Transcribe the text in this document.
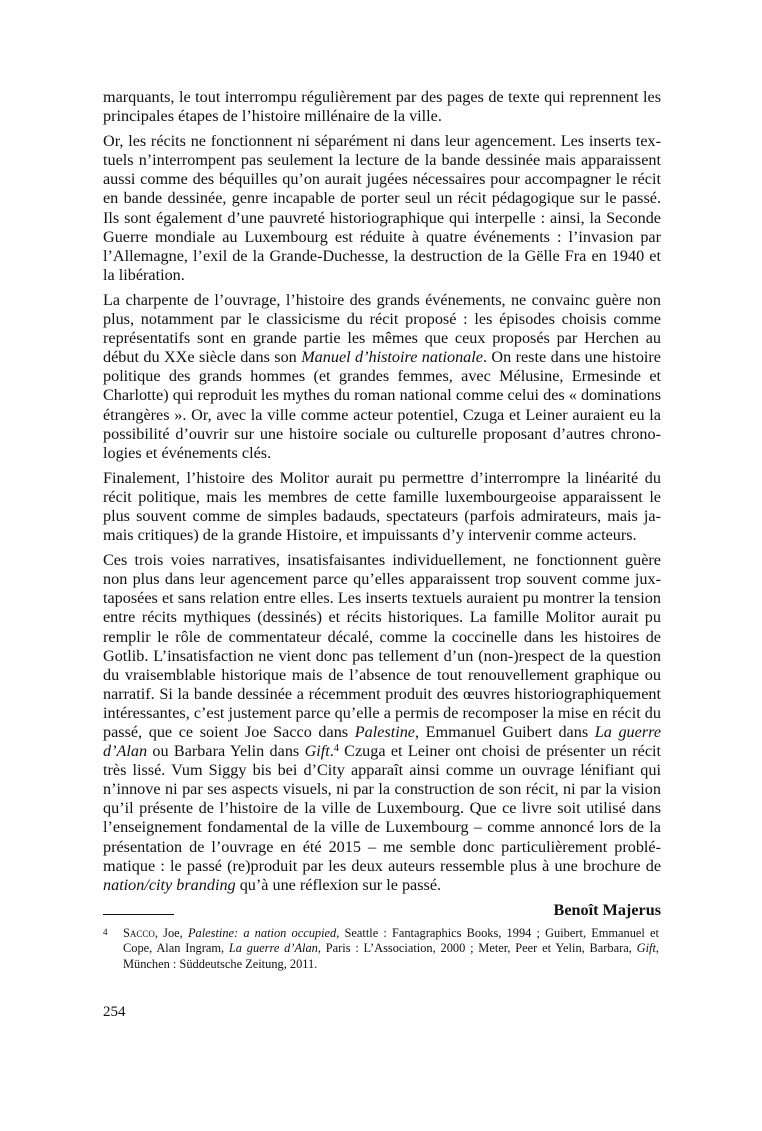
marquants, le tout interrompu régulièrement par des pages de texte qui reprennent les principales étapes de l’histoire millénaire de la ville.

Or, les récits ne fonctionnent ni séparément ni dans leur agencement. Les inserts textuels n’interrompent pas seulement la lecture de la bande dessinée mais apparaissent aussi comme des béquilles qu’on aurait jugées nécessaires pour accompagner le récit en bande dessinée, genre incapable de porter seul un récit pédagogique sur le passé. Ils sont également d’une pauvreté historiographique qui interpelle : ainsi, la Seconde Guerre mondiale au Luxembourg est réduite à quatre événements : l’invasion par l’Allemagne, l’exil de la Grande-Duchesse, la destruction de la Gëlle Fra en 1940 et la libération.

La charpente de l’ouvrage, l’histoire des grands événements, ne convainc guère non plus, notamment par le classicisme du récit proposé : les épisodes choisis comme représentatifs sont en grande partie les mêmes que ceux proposés par Herchen au début du XXe siècle dans son Manuel d’histoire nationale. On reste dans une histoire politique des grands hommes (et grandes femmes, avec Mélusine, Ermesinde et Charlotte) qui reproduit les mythes du roman national comme celui des « dominations étrangères ». Or, avec la ville comme acteur potentiel, Czuga et Leiner auraient eu la possibilité d’ouvrir sur une histoire sociale ou culturelle proposant d’autres chronologies et événements clés.

Finalement, l’histoire des Molitor aurait pu permettre d’interrompre la linéarité du récit politique, mais les membres de cette famille luxembourgeoise apparaissent le plus souvent comme de simples badauds, spectateurs (parfois admirateurs, mais jamais critiques) de la grande Histoire, et impuissants d’y intervenir comme acteurs.

Ces trois voies narratives, insatisfaisantes individuellement, ne fonctionnent guère non plus dans leur agencement parce qu’elles apparaissent trop souvent comme juxtaposées et sans relation entre elles. Les inserts textuels auraient pu montrer la tension entre récits mythiques (dessinés) et récits historiques. La famille Molitor aurait pu remplir le rôle de commentateur décalé, comme la coccinelle dans les histoires de Gotlib. L’insatisfaction ne vient donc pas tellement d’un (non-)respect de la question du vraisemblable historique mais de l’absence de tout renouvellement graphique ou narratif. Si la bande dessinée a récemment produit des œuvres historiographiquement intéressantes, c’est justement parce qu’elle a permis de recomposer la mise en récit du passé, que ce soient Joe Sacco dans Palestine, Emmanuel Guibert dans La guerre d’Alan ou Barbara Yelin dans Gift.$^4$ Czuga et Leiner ont choisi de présenter un récit très lissé. Vum Siggy bis bei d’City apparaît ainsi comme un ouvrage lénifiant qui n’innove ni par ses aspects visuels, ni par la construction de son récit, ni par la vision qu’il présente de l’histoire de la ville de Luxembourg. Que ce livre soit utilisé dans l’enseignement fondamental de la ville de Luxembourg – comme annoncé lors de la présentation de l’ouvrage en été 2015 – me semble donc particulièrement problématique : le passé (re)produit par les deux auteurs ressemble plus à une brochure de nation/city branding qu’à une réflexion sur le passé.

Benoît Majerus

4 Sacco, Joe, Palestine: a nation occupied, Seattle : Fantagraphics Books, 1994 ; Guibert, Emmanuel et Cope, Alan Ingram, La guerre d’Alan, Paris : L’Association, 2000 ; Meter, Peer et Yelin, Barbara, Gift, München : Süddeutsche Zeitung, 2011.
254
